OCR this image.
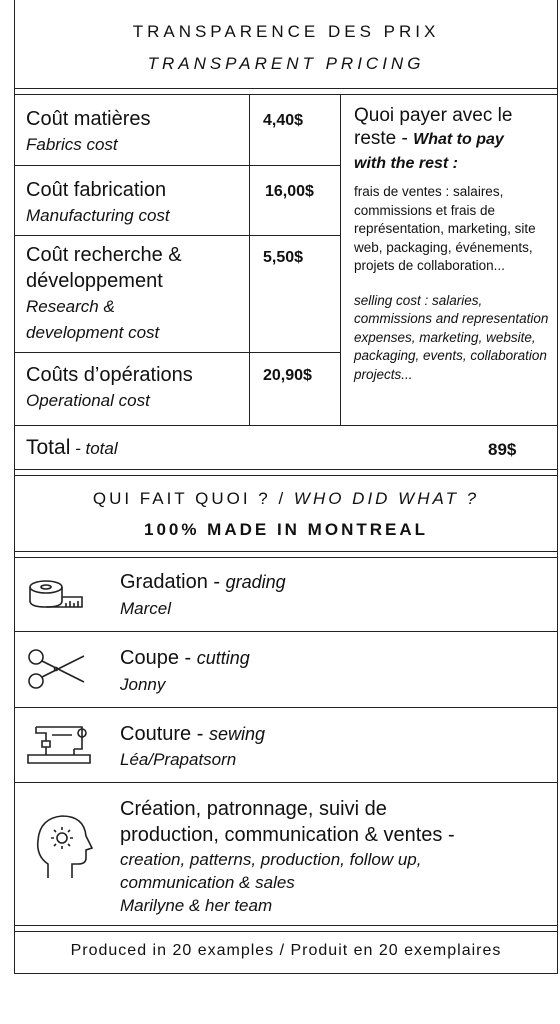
TRANSPARENCE DES PRIX
TRANSPARENT PRICING
Coût matières
Fabrics cost
4,40$
Coût fabrication
Manufacturing cost
16,00$
Coût recherche &
développement
Research &
development cost
5,50$
Coûts d’opérations
Operational cost
20,90$
Quoi payer avec le
reste - What to pay
with the rest :
frais de ventes : salaires, commissions et frais de représentation, marketing, site web, packaging, événements, projets de collaboration...
selling cost : salaries, commissions and representation expenses, marketing, website, packaging, events, collaboration projects...
Total - total	89$
QUI FAIT QUOI ? / WHO DID WHAT ?
100% MADE IN MONTREAL
Gradation - grading
Marcel
Coupe - cutting
Jonny
Couture - sewing
Léa/Prapatsorn
Création, patronnage, suivi de
production, communication & ventes -
creation, patterns, production, follow up,
communication & sales
Marilyne & her team
Produced in 20 examples / Produit en 20 exemplaires
